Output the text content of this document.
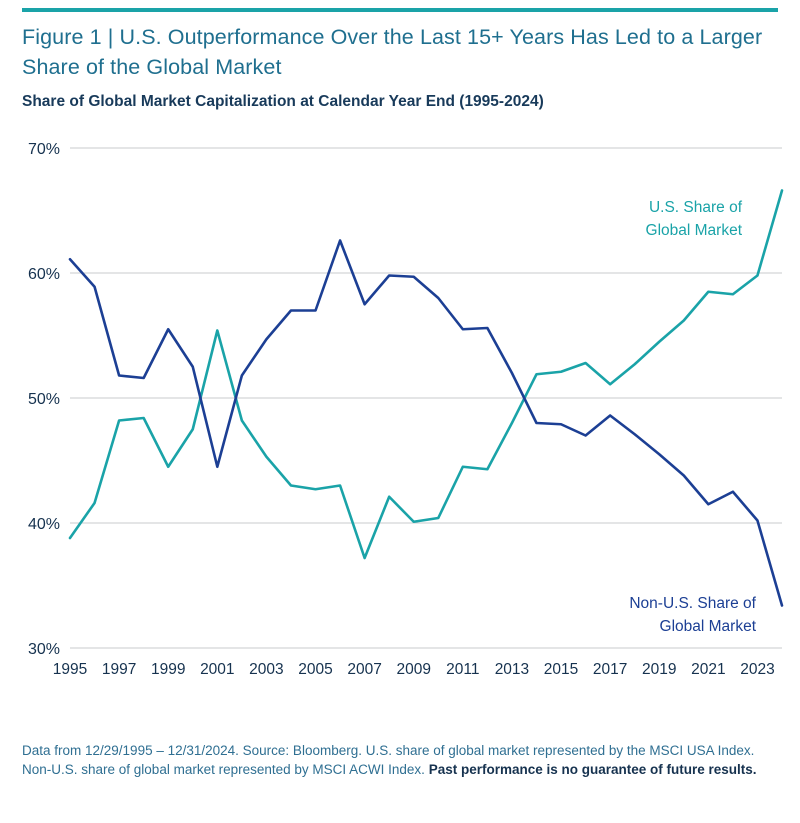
Figure 1 | U.S. Outperformance Over the Last 15+ Years Has Led to a Larger Share of the Global Market
Share of Global Market Capitalization at Calendar Year End (1995-2024)
30%
40%
50%
60%
70%
1995 1997 1999 2001 2003 2005 2007 2009 2011 2013 2015 2017 2019 2021 2023
U.S. Share of
Global Market
Non-U.S. Share of
Global Market
Data from 12/29/1995 – 12/31/2024. Source: Bloomberg. U.S. share of global market represented by the MSCI USA Index. Non-U.S. share of global market represented by MSCI ACWI Index. Past performance is no guarantee of future results.
